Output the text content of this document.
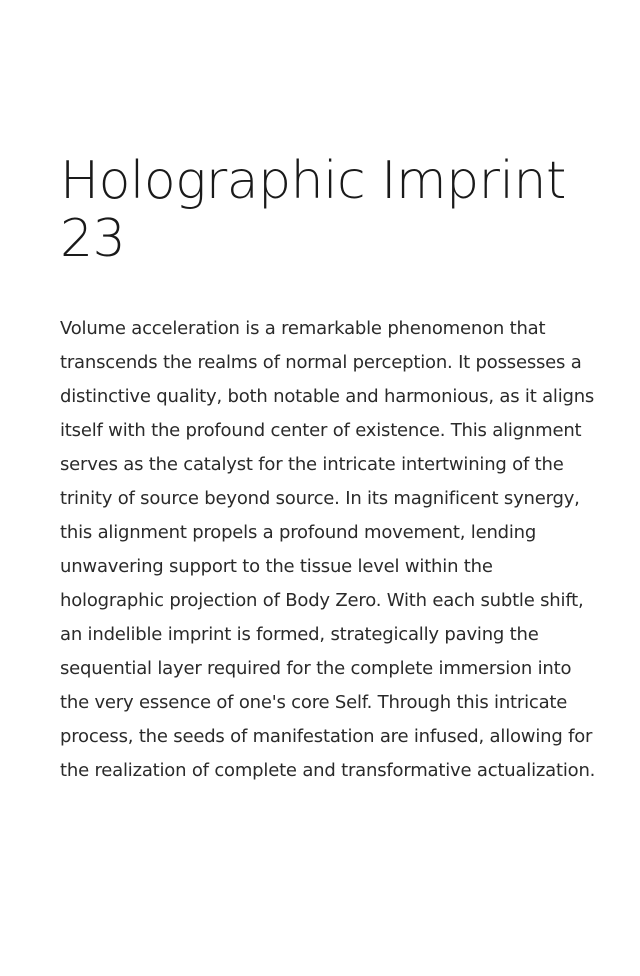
Holographic Imprint 23

Volume acceleration is a remarkable phenomenon that transcends the realms of normal perception. It possesses a distinctive quality, both notable and harmonious, as it aligns itself with the profound center of existence. This alignment serves as the catalyst for the intricate intertwining of the trinity of source beyond source. In its magnificent synergy, this alignment propels a profound movement, lending unwavering support to the tissue level within the holographic projection of Body Zero. With each subtle shift, an indelible imprint is formed, strategically paving the sequential layer required for the complete immersion into the very essence of one's core Self. Through this intricate process, the seeds of manifestation are infused, allowing for the realization of complete and transformative actualization.
